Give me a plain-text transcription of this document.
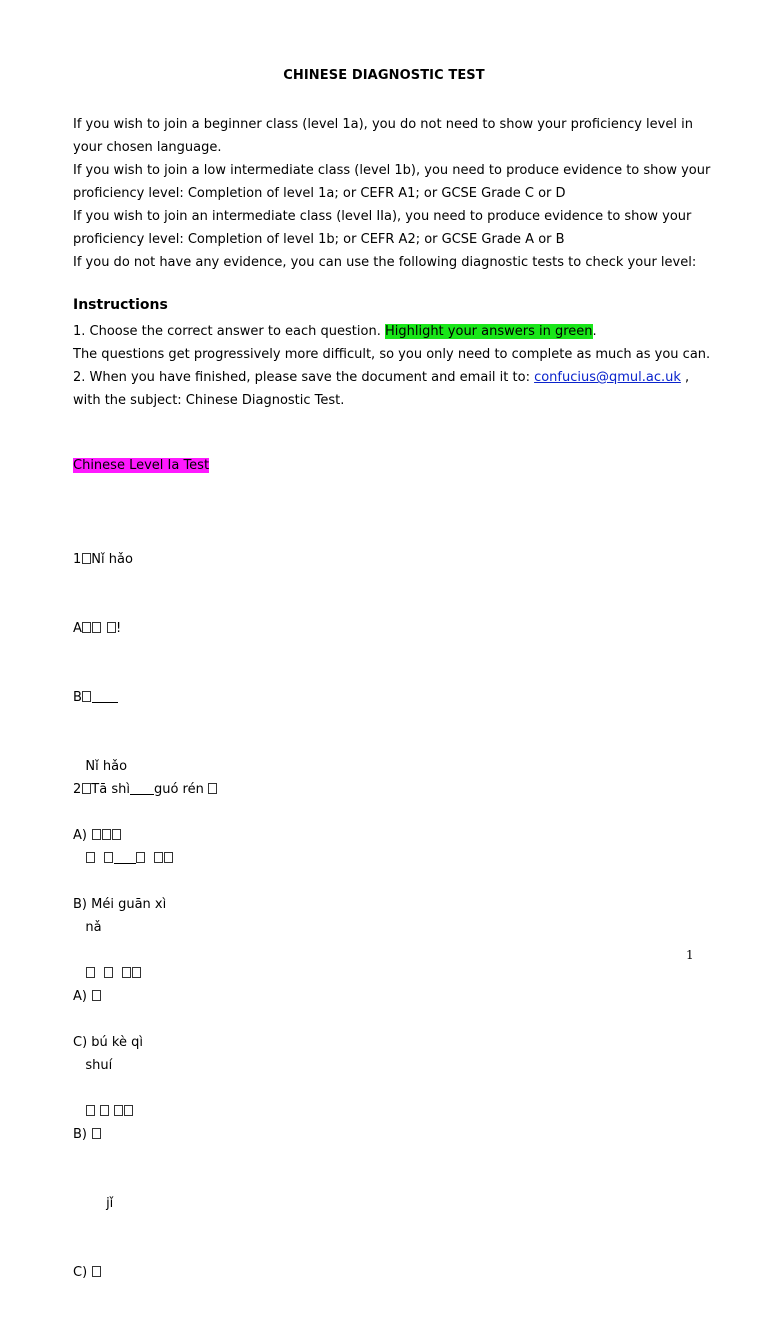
CHINESE DIAGNOSTIC TEST

If you wish to join a beginner class (level 1a), you do not need to show your proficiency level in your chosen language.

If you wish to join a low intermediate class (level 1b), you need to produce evidence to show your proficiency level: Completion of level 1a; or CEFR A1; or GCSE Grade C or D

If you wish to join an intermediate class (level IIa), you need to produce evidence to show your proficiency level: Completion of level 1b; or CEFR A2; or GCSE Grade A or B

If you do not have any evidence, you can use the following diagnostic tests to check your level:

Instructions

1. Choose the correct answer to each question. Highlight your answers in green.

The questions get progressively more difficult, so you only need to complete as much as you can.

2. When you have finished, please save the document and email it to: confucius@qmul.ac.uk , with the subject: Chinese Diagnostic Test.

Chinese Level Ia Test

1 Nǐ hǎo

A	!

B

Nǐ hǎo

A)

B) Méi guān xì

C) bú kè qì

2 Tā shì guó rén

nǎ

A)

shuí

B)

jǐ

C)

1
